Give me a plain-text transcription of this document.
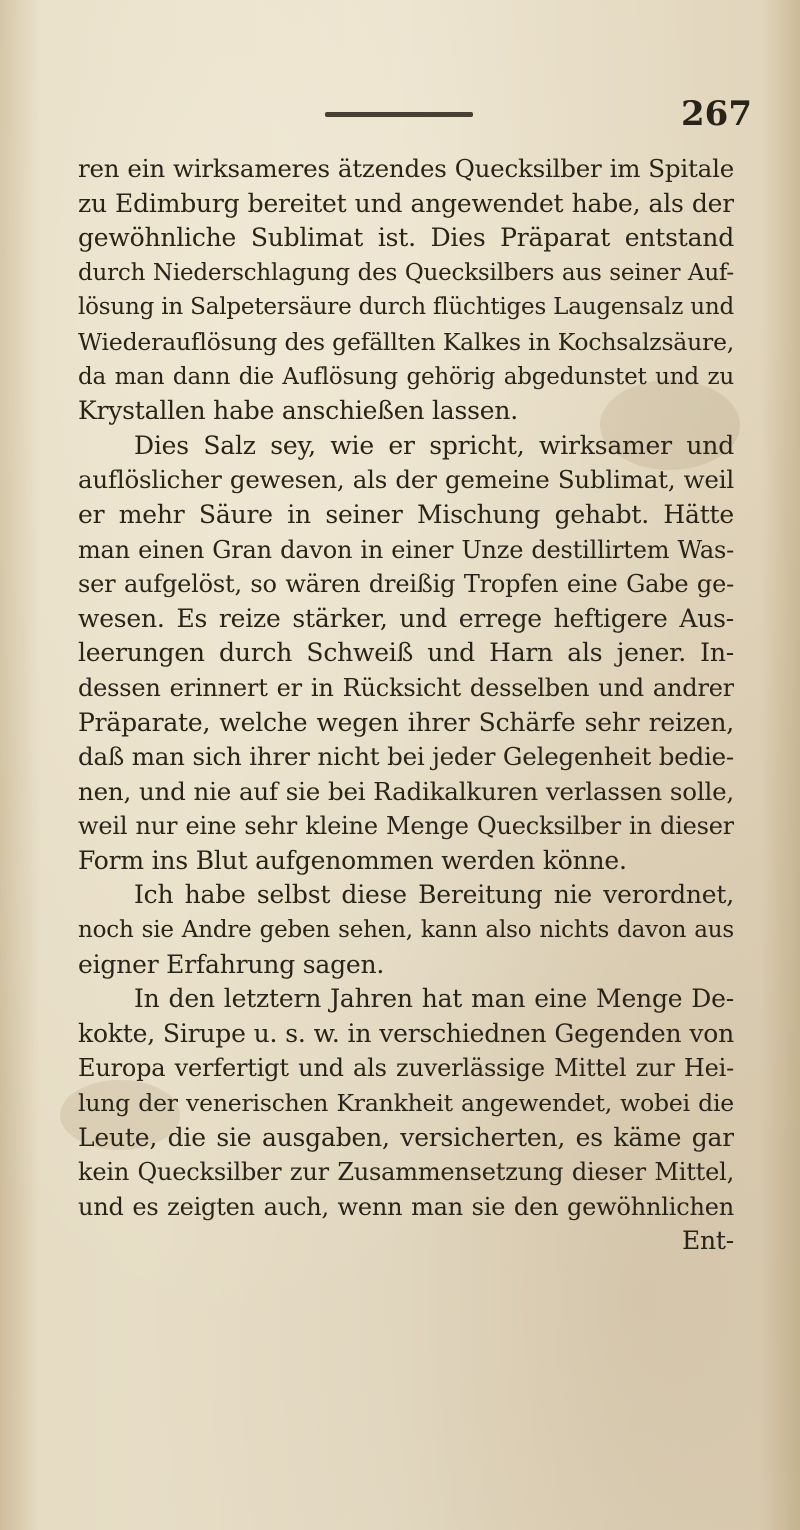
267
ren ein wirksameres ätzendes Quecksilber im Spitale
zu Edimburg bereitet und angewendet habe, als der
gewöhnliche Sublimat ist. Dies Präparat entstand
durch Niederschlagung des Quecksilbers aus seiner Auf-
lösung in Salpetersäure durch flüchtiges Laugensalz und
Wiederauflösung des gefällten Kalkes in Kochsalzsäure,
da man dann die Auflösung gehörig abgedunstet und zu
Krystallen habe anschießen lassen.
Dies Salz sey, wie er spricht, wirksamer und
auflöslicher gewesen, als der gemeine Sublimat, weil
er mehr Säure in seiner Mischung gehabt. Hätte
man einen Gran davon in einer Unze destillirtem Was-
ser aufgelöst, so wären dreißig Tropfen eine Gabe ge-
wesen. Es reize stärker, und errege heftigere Aus-
leerungen durch Schweiß und Harn als jener. In-
dessen erinnert er in Rücksicht desselben und andrer
Präparate, welche wegen ihrer Schärfe sehr reizen,
daß man sich ihrer nicht bei jeder Gelegenheit bedie-
nen, und nie auf sie bei Radikalkuren verlassen solle,
weil nur eine sehr kleine Menge Quecksilber in dieser
Form ins Blut aufgenommen werden könne.
Ich habe selbst diese Bereitung nie verordnet,
noch sie Andre geben sehen, kann also nichts davon aus
eigner Erfahrung sagen.
In den letztern Jahren hat man eine Menge De-
kokte, Sirupe u. s. w. in verschiednen Gegenden von
Europa verfertigt und als zuverlässige Mittel zur Hei-
lung der venerischen Krankheit angewendet, wobei die
Leute, die sie ausgaben, versicherten, es käme gar
kein Quecksilber zur Zusammensetzung dieser Mittel,
und es zeigten auch, wenn man sie den gewöhnlichen
Ent-
